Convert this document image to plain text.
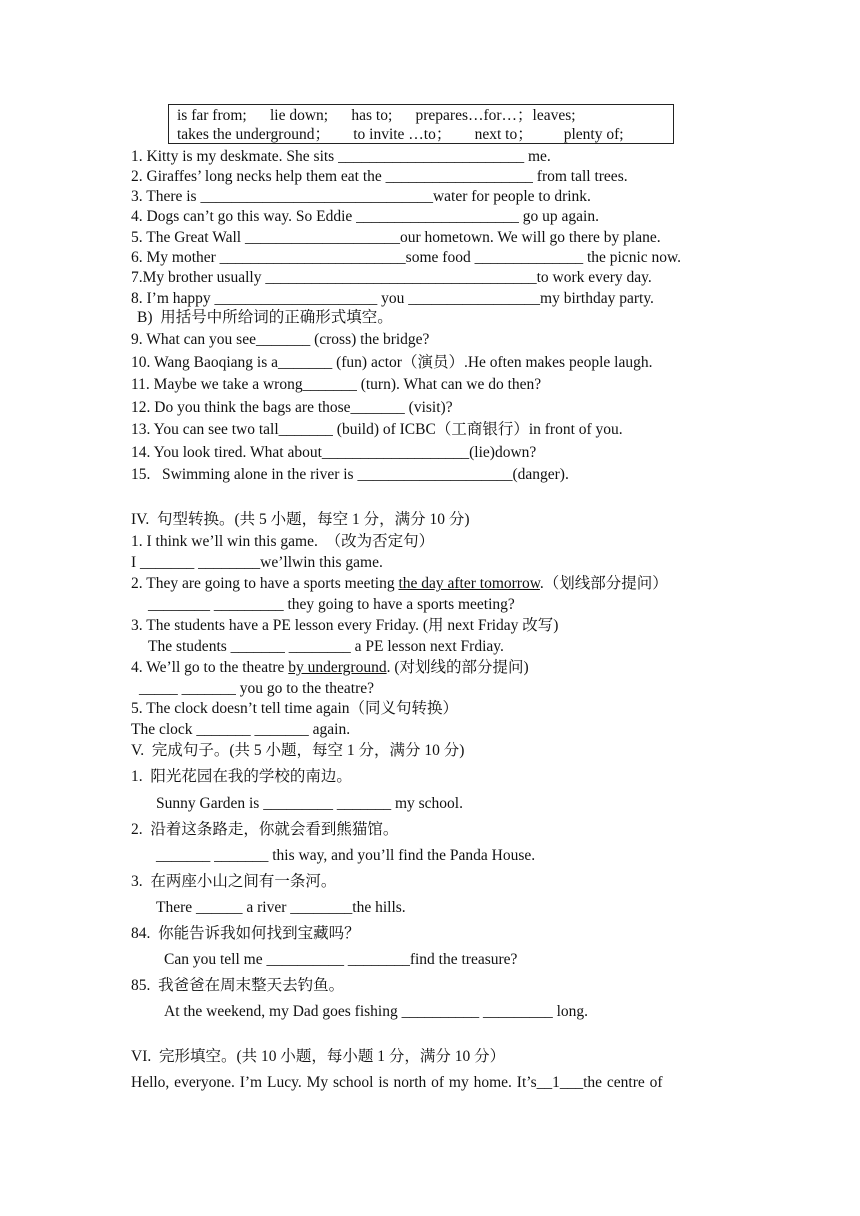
is far from;      lie down;      has to;      prepares…for…；leaves;
takes the underground；      to invite …to；      next to；        plenty of;
1. Kitty is my deskmate. She sits ________________________ me.
2. Giraffes’ long necks help them eat the ___________________ from tall trees.
3. There is ______________________________water for people to drink.
4. Dogs can’t go this way. So Eddie _____________________ go up again.
5. The Great Wall ____________________our hometown. We will go there by plane.
6. My mother ________________________some food ______________ the picnic now.
7.My brother usually ___________________________________to work every day.
8. I’m happy _____________________ you _________________my birthday party.
B)  用括号中所给词的正确形式填空。
9. What can you see_______ (cross) the bridge?
10. Wang Baoqiang is a_______ (fun) actor（演员）.He often makes people laugh.
11. Maybe we take a wrong_______ (turn). What can we do then?
12. Do you think the bags are those_______ (visit)?
13. You can see two tall_______ (build) of ICBC（工商银行）in front of you.
14. You look tired. What about___________________(lie)down?
15.   Swimming alone in the river is ____________________(danger).
IV.  句型转换。(共 5 小题，每空 1 分，满分 10 分)
1. I think we’ll win this game.  （改为否定句）
I _______ ________we’llwin this game.
2. They are going to have a sports meeting the day after tomorrow.（划线部分提问）
________ _________ they going to have a sports meeting?
3. The students have a PE lesson every Friday. (用 next Friday 改写)
The students _______ ________ a PE lesson next Frdiay.
4. We’ll go to the theatre by underground. (对划线的部分提问)
_____ _______ you go to the theatre?
5. The clock doesn’t tell time again（同义句转换）
The clock _______ _______ again.
V.  完成句子。(共 5 小题，每空 1 分，满分 10 分)
1.  阳光花园在我的学校的南边。
Sunny Garden is _________ _______ my school.
2.  沿着这条路走，你就会看到熊猫馆。
_______ _______ this way, and you’ll find the Panda House.
3.  在两座小山之间有一条河。
There ______ a river ________the hills.
84.  你能告诉我如何找到宝藏吗？
Can you tell me __________ ________find the treasure?
85.  我爸爸在周末整天去钓鱼。
At the weekend, my Dad goes fishing __________ _________ long.
VI.  完形填空。(共 10 小题，每小题 1 分，满分 10 分）
Hello, everyone. I’m Lucy. My school is north of my home. It’s__1___the centre of
